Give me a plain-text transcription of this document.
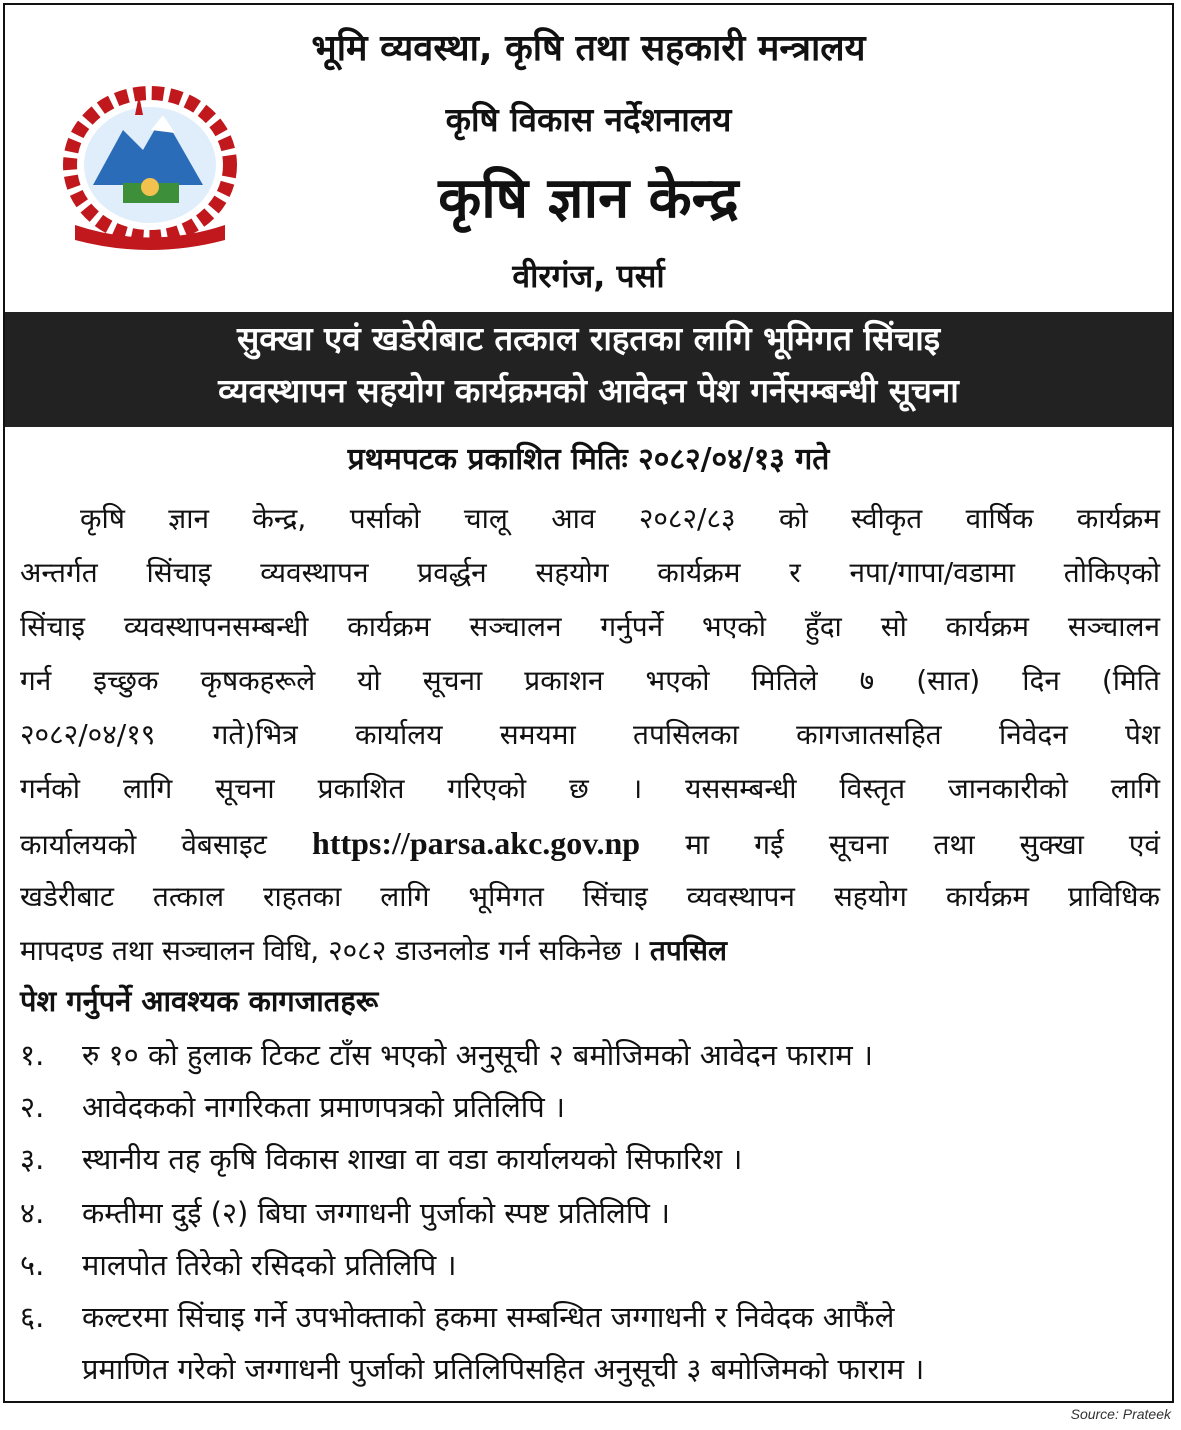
भूमि व्यवस्था, कृषि तथा सहकारी मन्त्रालय
कृषि विकास नर्देशनालय
कृषि ज्ञान केन्द्र
वीरगंज, पर्सा
सुक्खा एवं खडेरीबाट तत्काल राहतका लागि भूमिगत सिंचाइ
व्यवस्थापन सहयोग कार्यक्रमको आवेदन पेश गर्नेसम्बन्धी सूचना
प्रथमपटक प्रकाशित मितिः २०८२/०४/१३ गते
कृषि ज्ञान केन्द्र, पर्साको चालू आव २०८२/८३ को स्वीकृत वार्षिक कार्यक्रम
अन्तर्गत सिंचाइ व्यवस्थापन प्रवर्द्धन सहयोग कार्यक्रम र नपा/गापा/वडामा तोकिएको
सिंचाइ व्यवस्थापनसम्बन्धी कार्यक्रम सञ्चालन गर्नुपर्ने भएको हुँदा सो कार्यक्रम सञ्चालन
गर्न इच्छुक कृषकहरूले यो सूचना प्रकाशन भएको मितिले ७ (सात) दिन (मिति
२०८२/०४/१९ गते)भित्र कार्यालय समयमा तपसिलका कागजातसहित निवेदन पेश
गर्नको लागि सूचना प्रकाशित गरिएको छ । यससम्बन्धी विस्तृत जानकारीको लागि
कार्यालयको वेबसाइट https://parsa.akc.gov.np मा गई सूचना तथा सुक्खा एवं
खडेरीबाट तत्काल राहतका लागि भूमिगत सिंचाइ व्यवस्थापन सहयोग कार्यक्रम प्राविधिक
मापदण्ड तथा सञ्चालन विधि, २०८२ डाउनलोड गर्न सकिनेछ । तपसिल
पेश गर्नुपर्ने आवश्यक कागजातहरू
१.	रु १० को हुलाक टिकट टाँस भएको अनुसूची २ बमोजिमको आवेदन फाराम ।
२.	आवेदकको नागरिकता प्रमाणपत्रको प्रतिलिपि ।
३.	स्थानीय तह कृषि विकास शाखा वा वडा कार्यालयको सिफारिश ।
४.	कम्तीमा दुई (२) बिघा जग्गाधनी पुर्जाको स्पष्ट प्रतिलिपि ।
५.	मालपोत तिरेको रसिदको प्रतिलिपि ।
६.	कल्टरमा सिंचाइ गर्ने उपभोक्ताको हकमा सम्बन्धित जग्गाधनी र निवेदक आफैंले
प्रमाणित गरेको जग्गाधनी पुर्जाको प्रतिलिपिसहित अनुसूची ३ बमोजिमको फाराम ।
Source: Prateek
